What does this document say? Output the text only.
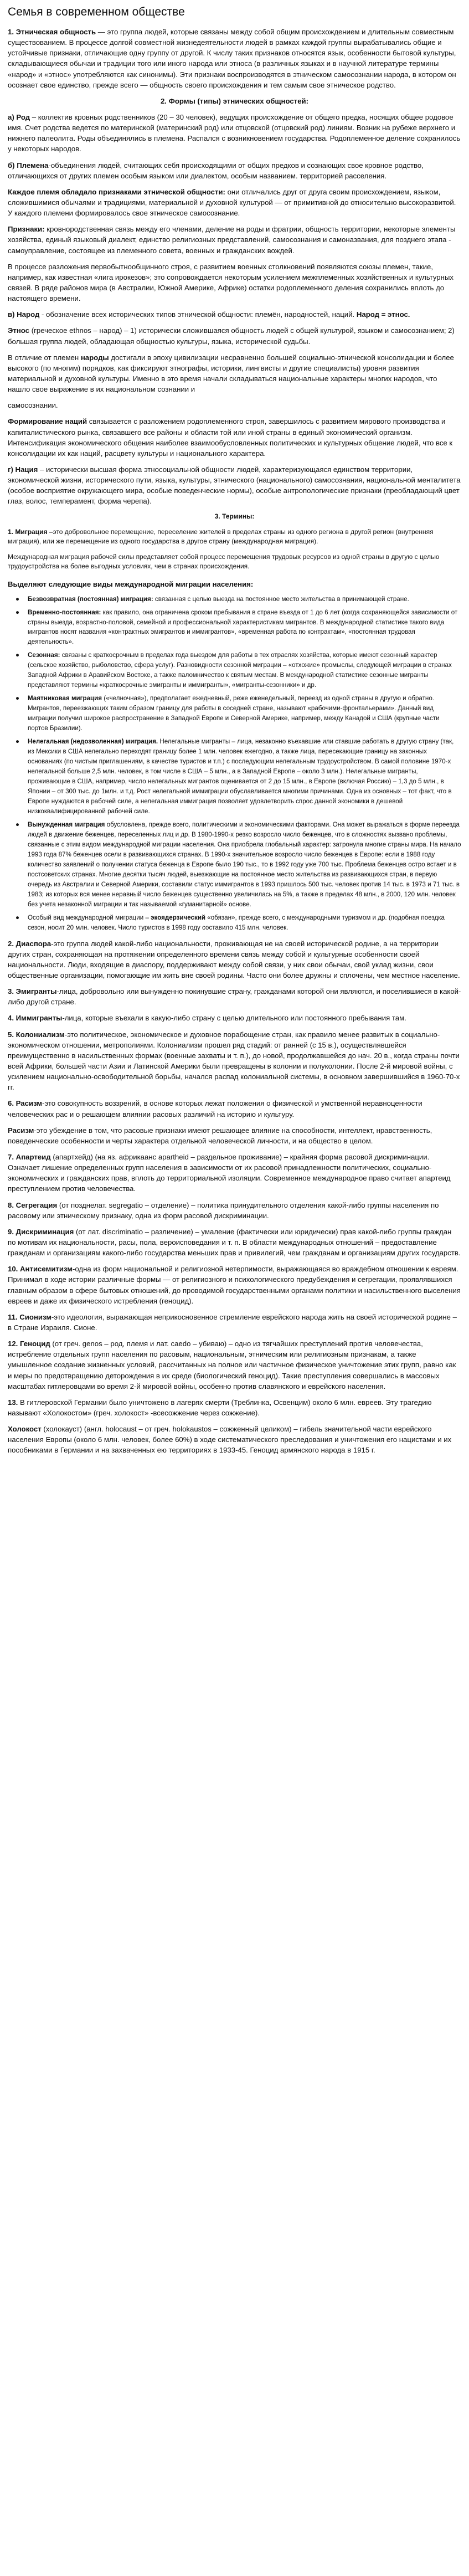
Семья в современном обществе

1. Этническая общность — это группа людей, которые связаны между собой общим происхождением и длительным совместным существованием. В процессе долгой совместной жизнедеятельности людей в рамках каждой группы вырабатывались общие и устойчивые признаки, отличающие одну группу от другой. К числу таких признаков относятся язык, особенности бытовой культуры, складывающиеся обычаи и традиции того или иного народа или этноса (в различных языках и в научной литературе термины «народ» и «этнос» употребляются как синонимы). Эти признаки воспроизводятся в этническом самосознании народа, в котором он осознает свое единство, прежде всего — общность своего происхождения и тем самым свое этническое родство.

2. Формы (типы) этнических общностей:

а) Род – коллектив кровных родственников (20 – 30 человек), ведущих происхождение от общего предка, носящих общее родовое имя. Счет родства ведется по материнской (материнский род) или отцовской (отцовский род) линиям. Возник на рубеже верхнего и нижнего палеолита. Роды объединялись в племена. Распался с возникновением государства. Родоплеменное деление сохранилось у некоторых народов.

б) Племена-объединения людей, считающих себя происходящими от общих предков и сознающих свое кровное родство, отличающихся от других племен особым языком или диалектом, особым названием. территорией расселения.

Каждое племя обладало признаками этнической общности: они отличались друг от друга своим происхождением, языком, сложившимися обычаями и традициями, материальной и духовной культурой — от примитивной до относительно высокоразвитой. У каждого племени формировалось свое этническое самосознание.

Признаки: кровнородственная связь между его членами, деление на роды и фратрии, общность территории, некоторые элементы хозяйства, единый языковый диалект, единство религиозных представлений, самосознания и самоназвания, для позднего этапа - самоуправление, состоящее из племенного совета, военных и гражданских вождей.

В процессе разложения первобытнообщинного строя, с развитием военных столкновений появляются союзы племен, такие, например, как известная «лига ирокезов»; это сопровождается некоторым усилением межплеменных хозяйственных и культурных связей. В ряде районов мира (в Австралии, Южной Америке, Африке) остатки родоплеменного деления сохранились вплоть до настоящего времени.

в) Народ - обозначение всех исторических типов этнической общности: племён, народностей, наций. Народ = этнос.

Этнос (греческое ethnos – народ) – 1) исторически сложившаяся общность людей с общей культурой, языком и самосознанием; 2) большая группа людей, обладающая общностью культуры, языка, исторической судьбы.

В отличие от племен народы достигали в эпоху цивилизации несравненно большей социально-этнической консолидации и более высокого (по многим) порядков, как фиксируют этнографы, историки, лингвисты и другие специалисты) уровня развития материальной и духовной культуры. Именно в это время начали складываться национальные характеры многих народов, что нашло свое выражение в их национальном сознании и

самосознании.

Формирование наций связывается с разложением родоплеменного строя, завершилось с развитием мирового производства и капиталистического рынка, связавшего все районы и области той или иной страны в единый экономический организм. Интенсификация экономического общения наиболее взаимообусловленных политических и культурных общение людей, что все к консолидации их как наций, расцвету культуры и национального характера.

г) Нация – исторически высшая форма этносоциальной общности людей, характеризующаяся единством территории, экономической жизни, исторического пути, языка, культуры, этнического (национального) самосознания, национальной менталитета (особое восприятие окружающего мира, особые поведенческие нормы), особые антропологические признаки (преобладающий цвет глаз, волос, темперамент, форма черепа).

3. Термины:

1. Миграция –это добровольное перемещение, переселение жителей в пределах страны из одного региона в другой регион (внутренняя миграция), или же перемещение из одного государства в другое страну (международная миграция).

Международная миграция рабочей силы представляет собой процесс перемещения трудовых ресурсов из одной страны в другую с целью трудоустройства на более выгодных условиях, чем в странах происхождения.

Выделяют следующие виды международной миграции населения:

● Безвозвратная (постоянная) миграция: связанная с целью выезда на постоянное место жительства в принимающей стране.
● Временно-постоянная: как правило, она ограничена сроком пребывания в стране въезда от 1 до 6 лет (когда сохраняющейся зависимости от страны выезда, возрастно-половой, семейной и профессиональной характеристикам мигрантов. В международной статистике такого вида мигрантов носят названия «контрактных эмигрантов и иммигрантов», «временная работа по контрактам», «постоянная трудовая деятельность».
● Сезонная: связаны с краткосрочным в пределах года выездом для работы в тех отраслях хозяйства, которые имеют сезонный характер (сельское хозяйство, рыболовство, сфера услуг). Разновидности сезонной миграции – «отхожие» промыслы, следующей миграции в странах Западной Африки в Аравийском Востоке, а также паломничество к святым местам. В международной статистике сезонные мигранты представляют термины «краткосрочные эмигранты и иммигранты», «мигранты-сезонники» и др.
● Маятниковая миграция («челночная»), предполагает ежедневный, реже еженедельный, переезд из одной страны в другую и обратно. Мигрантов, переезжающих таким образом границу для работы в соседней стране, называют «рабочими-фронтальерами». Данный вид миграции получил широкое распространение в Западной Европе и Северной Америке, например, между Канадой и США (крупные части портов Бразилии).
● Нелегальная (недозволенная) миграция. Нелегальные мигранты – лица, незаконно въехавшие или ставшие работать в другую страну (так, из Мексики в США нелегально переходят границу более 1 млн. человек ежегодно, а также лица, пересекающие границу на законных основаниях (по чистым приглашениям, в качестве туристов и т.п.) с последующим нелегальным трудоустройством. В самой половине 1970-х нелегальной больше 2,5 млн. человек, в том числе в США – 5 млн., а в Западной Европе – около 3 млн.). Нелегальные мигранты, проживающие в США, например, число нелегальных мигрантов оценивается от 2 до 15 млн., в Европе (включая Россию) – 1,3 до 5 млн., в Японии – от 300 тыс. до 1млн. и т.д. Рост нелегальной иммиграции обуславливается многими причинами. Одна из основных – тот факт, что в Европе нуждаются в рабочей силе, а нелегальная иммиграция позволяет удовлетворить спрос данной экономики в дешевой низкоквалифицированной рабочей силе.
● Вынужденная миграция обусловлена, прежде всего, политическими и экономическими факторами. Она может выражаться в форме переезда людей в движение беженцев, переселенных лиц и др. В 1980-1990-х резко возросло число беженцев, что в сложностях вызвано проблемы, связанные с этим видом международной миграции населения. Она приобрела глобальный характер: затронула многие страны мира. На начало 1993 года 87% беженцев осели в развивающихся странах. В 1990-х значительное возросло число беженцев в Европе: если в 1988 году количество заявлений о получении статуса беженца в Европе было 190 тыс., то в 1992 году уже 700 тыс. Проблема беженцев остро встает и в постсоветских странах. Многие десятки тысяч людей, выезжающие на постоянное место жительства из развивающихся стран, в первую очередь из Австралии и Северной Америки, составили статус иммигрантов в 1993 пришлось 500 тыс. человек против 14 тыс. в 1973 и 71 тыс. в 1983; из которых вся менее неравный число беженцев существенно увеличилась на 5%, а также в пределах 48 млн., в 2000, 120 млн. человек без учета незаконной миграции и так называемой «гуманитарной» основе.
● Особый вид международной миграции – экоядерзический «обязан», прежде всего, с международными туризмом и др. (подобная поездка сезон, носит 20 млн. человек. Число туристов в 1998 году составило 415 млн. человек.

2. Диаспора-это группа людей какой-либо национальности, проживающая не на своей исторической родине, а на территории других стран, сохраняющая на протяжении определенного времени связь между собой и культурные особенности своей национальности. Люди, входящие в диаспору, поддерживают между собой связи, у них свои обычаи, свой уклад жизни, свои общественные организации, помогающие им жить вне своей родины. Часто они более дружны и сплочены, чем местное население.

3. Эмигранты-лица, добровольно или вынужденно покинувшие страну, гражданами которой они являются, и поселившиеся в какой-либо другой стране.

4. Иммигранты-лица, которые въехали в какую-либо страну с целью длительного или постоянного пребывания там.

5. Колониализм-это политическое, экономическое и духовное порабощение стран, как правило менее развитых в социально-экономическом отношении, метрополиями. Колониализм прошел ряд стадий: от ранней (с 15 в.), осуществлявшейся преимущественно в насильственных формах (военные захваты и т. п.), до новой, продолжавшейся до нач. 20 в., когда страны почти всей Африки, большей части Азии и Латинской Америки были превращены в колонии и полуколонии. После 2-й мировой войны, с усилением национально-освободительной борьбы, начался распад колониальной системы, в основном завершившийся в 1960-70-х гг.

6. Расизм-это совокупность воззрений, в основе которых лежат положения о физической и умственной неравноценности человеческих рас и о решающем влиянии расовых различий на историю и культуру.

Расизм-это убеждение в том, что расовые признаки имеют решающее влияние на способности, интеллект, нравственность, поведенческие особенности и черты характера отдельной человеческой личности, и на общество в целом.

7. Апартеид (апартхейд) (на яз. африкаанс apartheid – раздельное проживание) – крайняя форма расовой дискриминации. Означает лишение определенных групп населения в зависимости от их расовой принадлежности политических, социально-экономических и гражданских прав, вплоть до территориальной изоляции. Современное международное право считает апартеид преступлением против человечества.

8. Сегрегация (от позднелат. segregatio – отделение) – политика принудительного отделения какой-либо группы населения по расовому или этническому признаку, одна из форм расовой дискриминации.

9. Дискриминация (от лат. discriminatio – различение) – умаление (фактически или юридически) прав какой-либо группы граждан по мотивам их национальности, расы, пола, вероисповедания и т. п. В области международных отношений – предоставление гражданам и организациям какого-либо государства меньших прав и привилегий, чем гражданам и организациям других государств.

10. Антисемитизм-одна из форм национальной и религиозной нетерпимости, выражающаяся во враждебном отношении к евреям. Принимал в ходе истории различные формы — от религиозного и психологического предубеждения и сегрегации, проявлявшихся главным образом в сфере бытовых отношений, до проводимой государственными органами политики и насильственного выселения евреев и даже их физического истребления (геноцид).

11. Сионизм-это идеология, выражающая неприкосновенное стремление еврейского народа жить на своей исторической родине – в Стране Израиля. Сионе.

12. Геноцид (от греч. genos – род, племя и лат. caedo – убиваю) – одно из тягчайших преступлений против человечества, истребление отдельных групп населения по расовым, национальным, этническим или религиозным признакам, а также умышленное создание жизненных условий, рассчитанных на полное или частичное физическое уничтожение этих групп, равно как и меры по предотвращению деторождения в их среде (биологический геноцид). Такие преступления совершались в массовых масштабах гитлеровцами во время 2-й мировой войны, особенно против славянского и еврейского населения.

13. В гитлеровской Германии было уничтожено в лагерях смерти (Треблинка, Освенцим) около 6 млн. евреев. Эту трагедию называют «Холокостом» (греч. холокост» -всесожжение через сожжение).

Холокост (холокауст) (англ. holocaust – от греч. holokaustos – сожженный целиком) – гибель значительной части еврейского населения Европы (около 6 млн. человек, более 60%) в ходе систематического преследования и уничтожения его нацистами и их пособниками в Германии и на захваченных ею территориях в 1933-45. Геноцид армянского народа в 1915 г.
